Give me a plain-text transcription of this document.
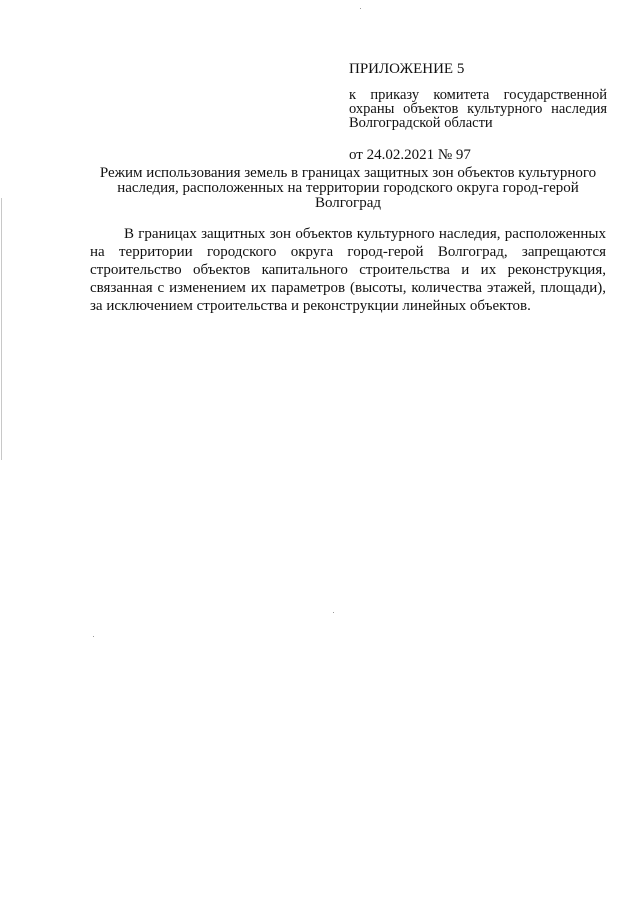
ПРИЛОЖЕНИЕ 5

к приказу комитета государственной охраны объектов культурного наследия Волгоградской области

от 24.02.2021 № 97

Режим использования земель в границах защитных зон объектов культурного наследия, расположенных на территории городского округа город-герой Волгоград

В границах защитных зон объектов культурного наследия, расположенных на территории городского округа город-герой Волгоград, запрещаются строительство объектов капитального строительства и их реконструкция, связанная с изменением их параметров (высоты, количества этажей, площади), за исключением строительства и реконструкции линейных объектов.
